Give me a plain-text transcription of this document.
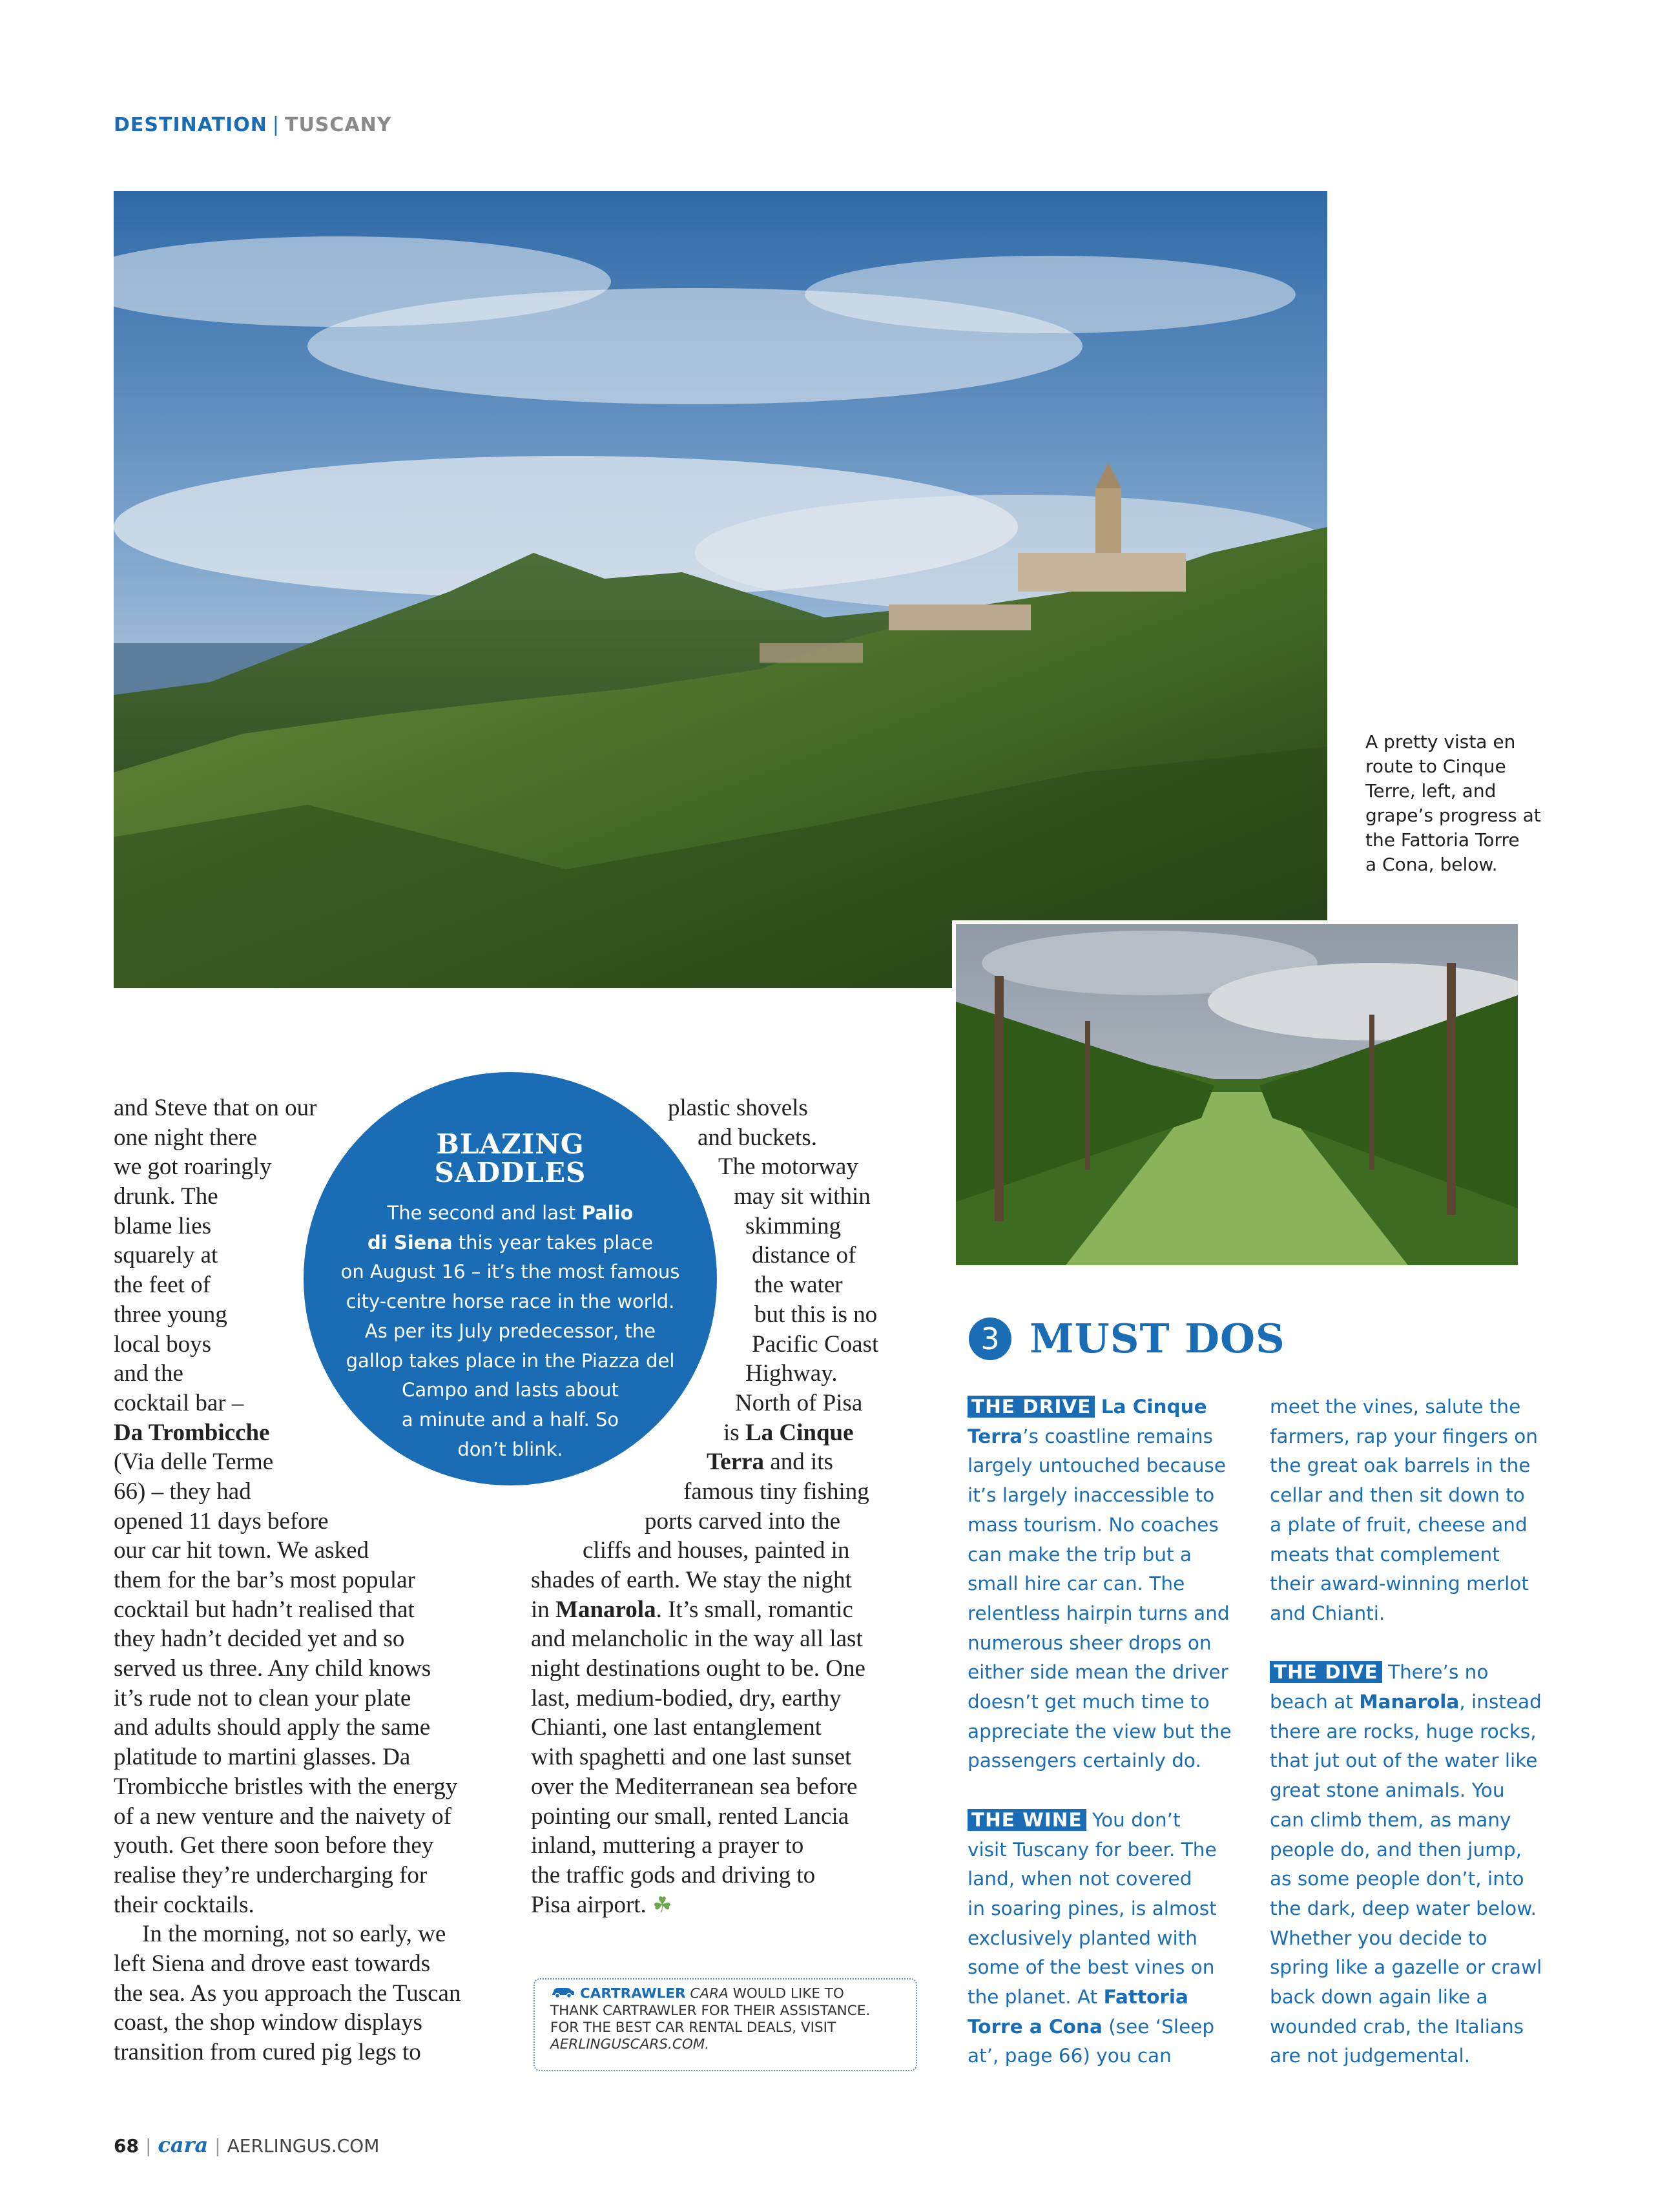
DESTINATION | TUSCANY
A pretty vista en
route to Cinque
Terre, left, and
grape’s progress at
the Fattoria Torre
a Cona, below.
and Steve that on our
one night there
we got roaringly
drunk. The
blame lies
squarely at
the feet of
three young
local boys
and the
cocktail bar –
Da Trombicche
(Via delle Terme
66) – they had
opened 11 days before
our car hit town. We asked
them for the bar’s most popular
cocktail but hadn’t realised that
they hadn’t decided yet and so
served us three. Any child knows
it’s rude not to clean your plate
and adults should apply the same
platitude to martini glasses. Da
Trombicche bristles with the energy
of a new venture and the naivety of
youth. Get there soon before they
realise they’re undercharging for
their cocktails.
In the morning, not so early, we
left Siena and drove east towards
the sea. As you approach the Tuscan
coast, the shop window displays
transition from cured pig legs to
plastic shovels
and buckets.
The motorway
may sit within
skimming
distance of
the water
but this is no
Pacific Coast
Highway.
North of Pisa
is La Cinque
Terra and its
famous tiny fishing
ports carved into the
cliffs and houses, painted in
shades of earth. We stay the night
in Manarola. It’s small, romantic
and melancholic in the way all last
night destinations ought to be. One
last, medium-bodied, dry, earthy
Chianti, one last entanglement
with spaghetti and one last sunset
over the Mediterranean sea before
pointing our small, rented Lancia
inland, muttering a prayer to
the traffic gods and driving to
Pisa airport. ☘
BLAZING
SADDLES
The second and last Palio
di Siena this year takes place
on August 16 – it’s the most famous
city-centre horse race in the world.
As per its July predecessor, the
gallop takes place in the Piazza del
Campo and lasts about
a minute and a half. So
don’t blink.
3 MUST DOS
THE DRIVE La Cinque
Terra’s coastline remains
largely untouched because
it’s largely inaccessible to
mass tourism. No coaches
can make the trip but a
small hire car can. The
relentless hairpin turns and
numerous sheer drops on
either side mean the driver
doesn’t get much time to
appreciate the view but the
passengers certainly do.
THE WINE You don’t
visit Tuscany for beer. The
land, when not covered
in soaring pines, is almost
exclusively planted with
some of the best vines on
the planet. At Fattoria
Torre a Cona (see ‘Sleep
at’, page 66) you can
meet the vines, salute the
farmers, rap your fingers on
the great oak barrels in the
cellar and then sit down to
a plate of fruit, cheese and
meats that complement
their award-winning merlot
and Chianti.
THE DIVE There’s no
beach at Manarola, instead
there are rocks, huge rocks,
that jut out of the water like
great stone animals. You
can climb them, as many
people do, and then jump,
as some people don’t, into
the dark, deep water below.
Whether you decide to
spring like a gazelle or crawl
back down again like a
wounded crab, the Italians
are not judgemental.
CARTRAWLER CARA WOULD LIKE TO
THANK CARTRAWLER FOR THEIR ASSISTANCE.
FOR THE BEST CAR RENTAL DEALS, VISIT
AERLINGUSCARS.COM.
68 | cara | AERLINGUS.COM
